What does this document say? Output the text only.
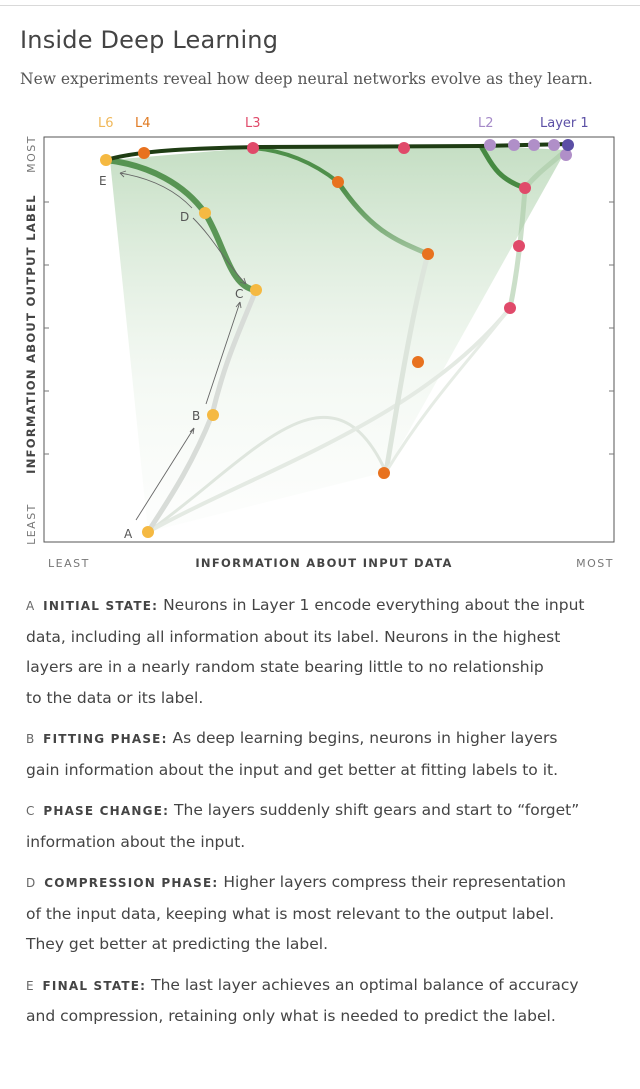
Inside Deep Learning

New experiments reveal how deep neural networks evolve as they learn.

L6 L4	L3	L2	Layer 1
A
B
C
D
E
LEAST	INFORMATION ABOUT INPUT DATA	MOST
MOST
INFORMATION ABOUT OUTPUT LABEL
LEAST

A INITIAL STATE: Neurons in Layer 1 encode everything about the input
data, including all information about its label. Neurons in the highest
layers are in a nearly random state bearing little to no relationship
to the data or its label.

B FITTING PHASE: As deep learning begins, neurons in higher layers
gain information about the input and get better at fitting labels to it.

C PHASE CHANGE: The layers suddenly shift gears and start to “forget”
information about the input.

D COMPRESSION PHASE: Higher layers compress their representation
of the input data, keeping what is most relevant to the output label.
They get better at predicting the label.

E FINAL STATE: The last layer achieves an optimal balance of accuracy
and compression, retaining only what is needed to predict the label.
